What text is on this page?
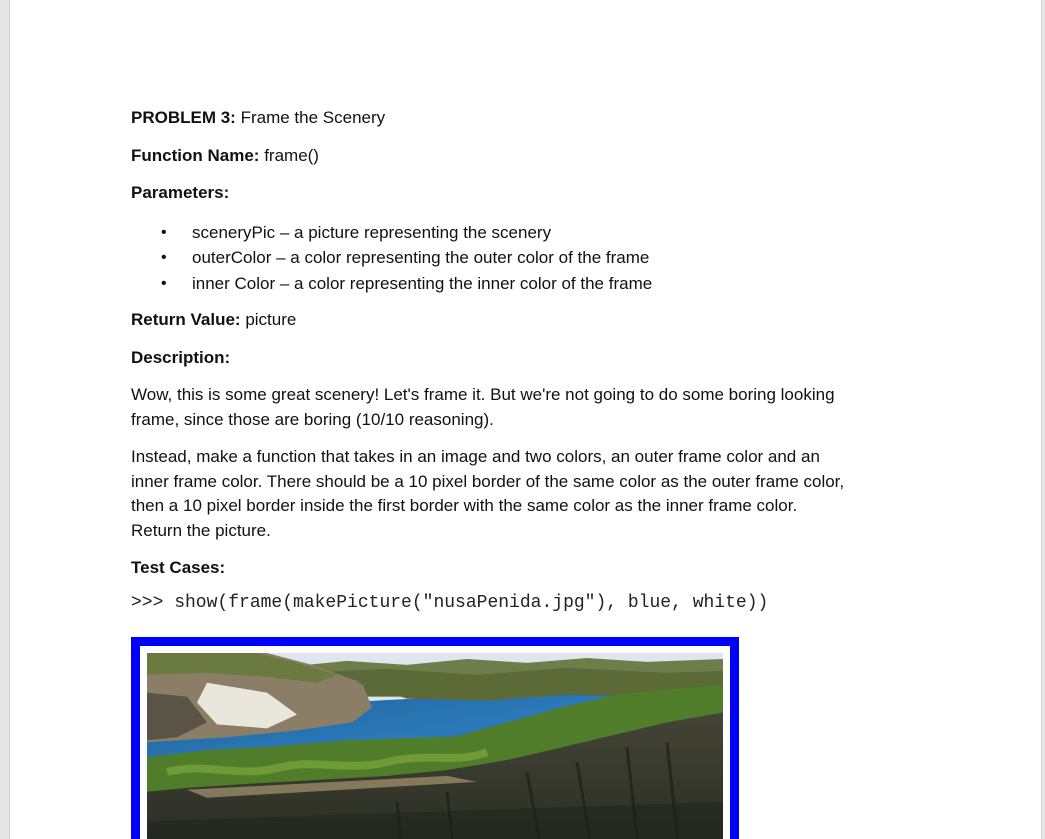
PROBLEM 3: Frame the Scenery

Function Name: frame()

Parameters:

• sceneryPic – a picture representing the scenery
• outerColor – a color representing the outer color of the frame
• inner Color – a color representing the inner color of the frame

Return Value: picture

Description:

Wow, this is some great scenery! Let's frame it. But we're not going to do some boring looking
frame, since those are boring (10/10 reasoning).
Instead, make a function that takes in an image and two colors, an outer frame color and an
inner frame color. There should be a 10 pixel border of the same color as the outer frame color,
then a 10 pixel border inside the first border with the same color as the inner frame color.
Return the picture.

Test Cases:

>>> show(frame(makePicture("nusaPenida.jpg"), blue, white))
